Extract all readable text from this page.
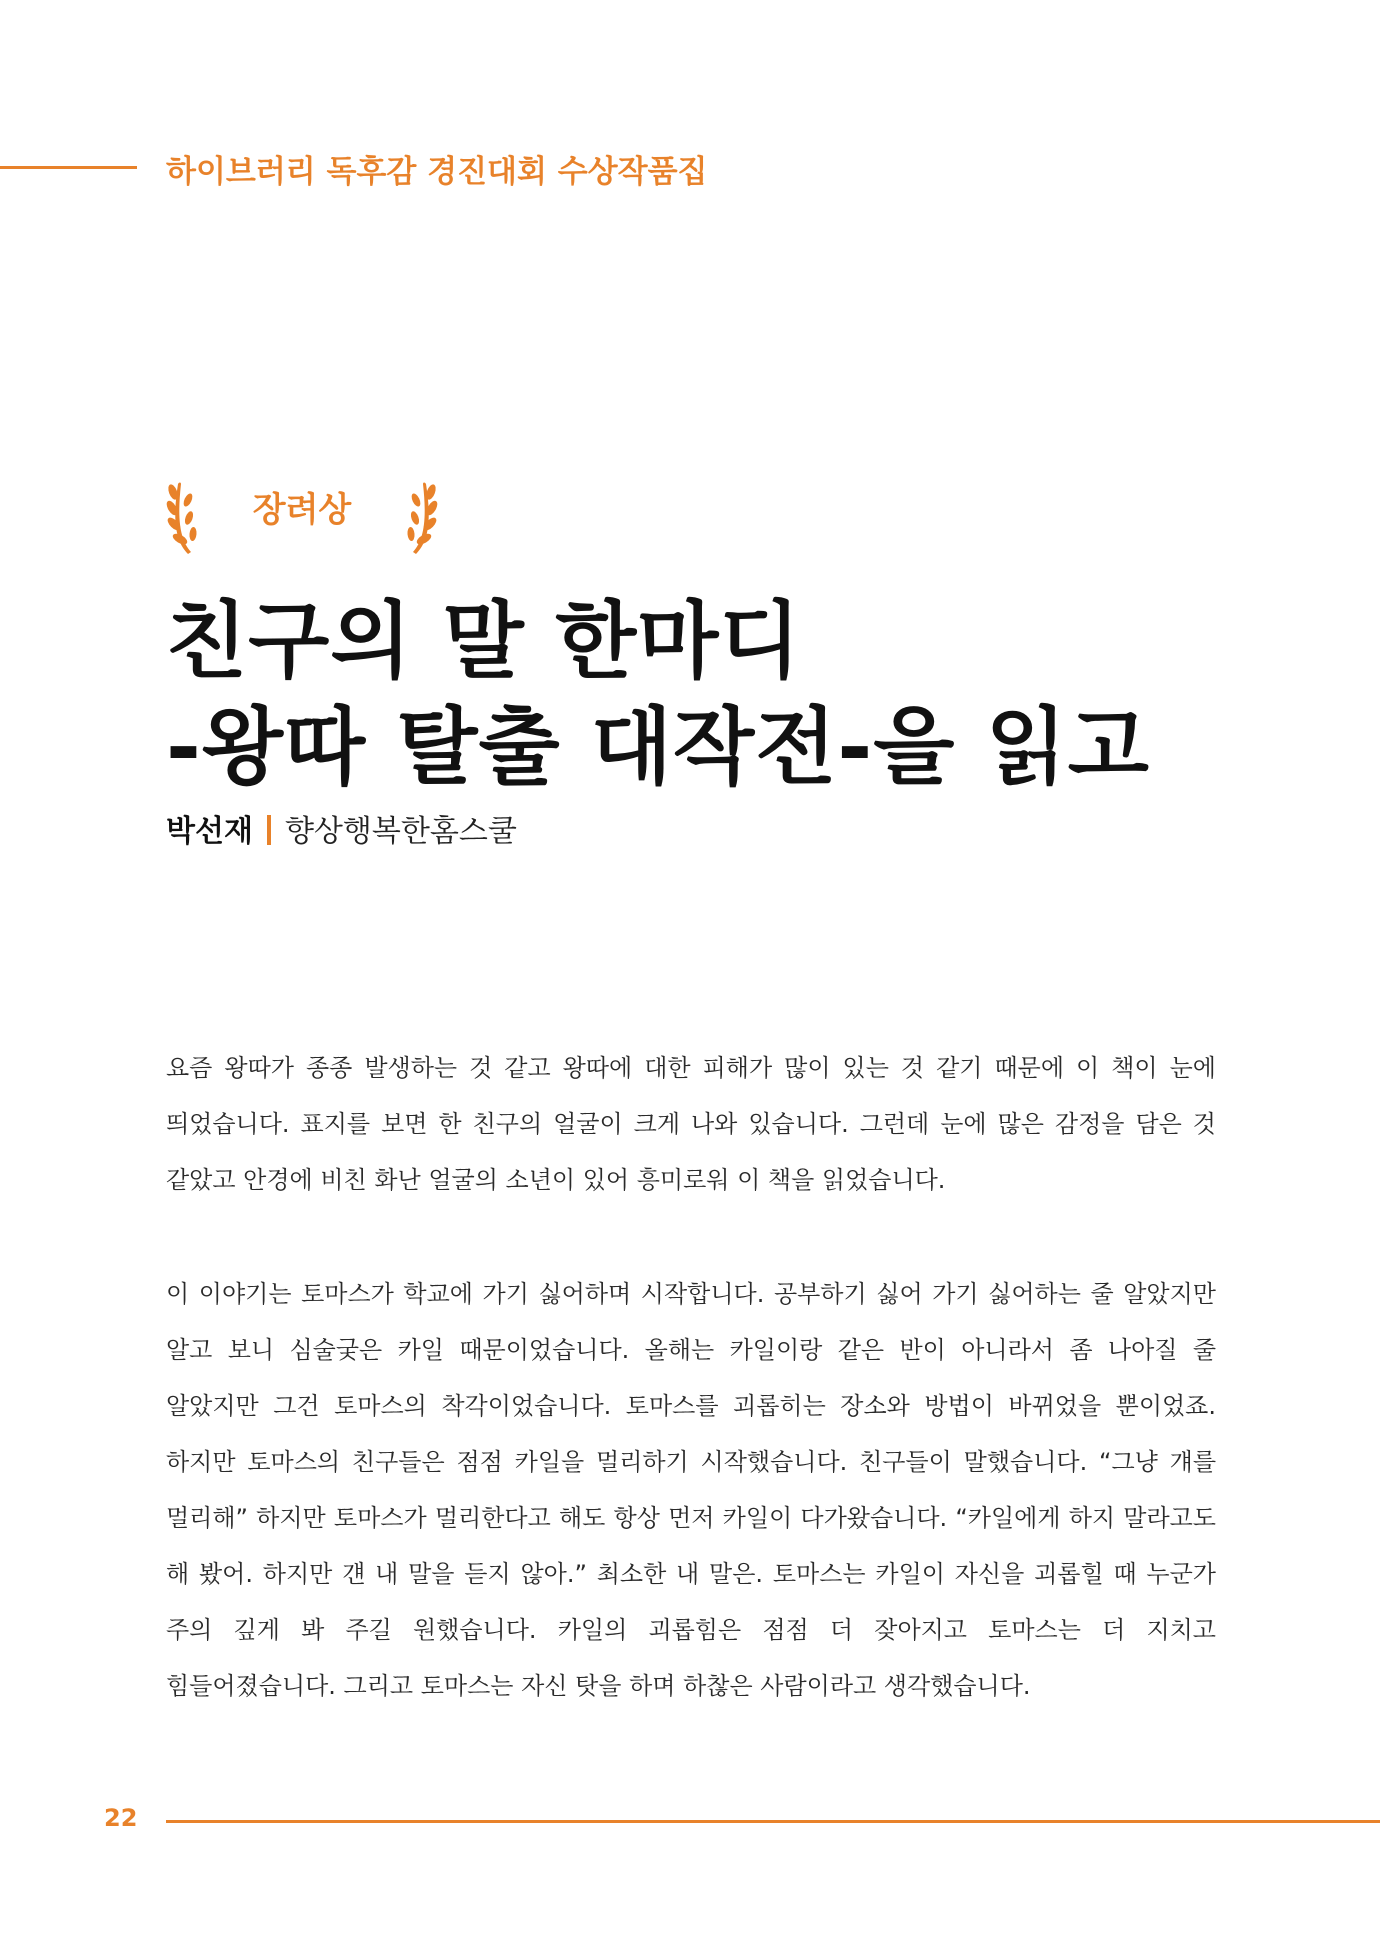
하이브러리 독후감 경진대회 수상작품집
장려상
친구의 말 한마디
-왕따 탈출 대작전-을 읽고
박선재 향상행복한홈스쿨

요즘 왕따가 종종 발생하는 것 같고 왕따에 대한 피해가 많이 있는 것 같기 때문에 이 책이 눈에 띄었습니다. 표지를 보면 한 친구의 얼굴이 크게 나와 있습니다. 그런데 눈에 많은 감정을 담은 것 같았고 안경에 비친 화난 얼굴의 소년이 있어 흥미로워 이 책을 읽었습니다.

이 이야기는 토마스가 학교에 가기 싫어하며 시작합니다. 공부하기 싫어 가기 싫어하는 줄 알았지만 알고 보니 심술궂은 카일 때문이었습니다. 올해는 카일이랑 같은 반이 아니라서 좀 나아질 줄 알았지만 그건 토마스의 착각이었습니다. 토마스를 괴롭히는 장소와 방법이 바뀌었을 뿐이었죠. 하지만 토마스의 친구들은 점점 카일을 멀리하기 시작했습니다. 친구들이 말했습니다. “그냥 걔를 멀리해” 하지만 토마스가 멀리한다고 해도 항상 먼저 카일이 다가왔습니다. “카일에게 하지 말라고도 해 봤어. 하지만 걘 내 말을 듣지 않아.” 최소한 내 말은. 토마스는 카일이 자신을 괴롭힐 때 누군가 주의 깊게 봐 주길 원했습니다. 카일의 괴롭힘은 점점 더 잦아지고 토마스는 더 지치고 힘들어졌습니다. 그리고 토마스는 자신 탓을 하며 하찮은 사람이라고 생각했습니다.

22
